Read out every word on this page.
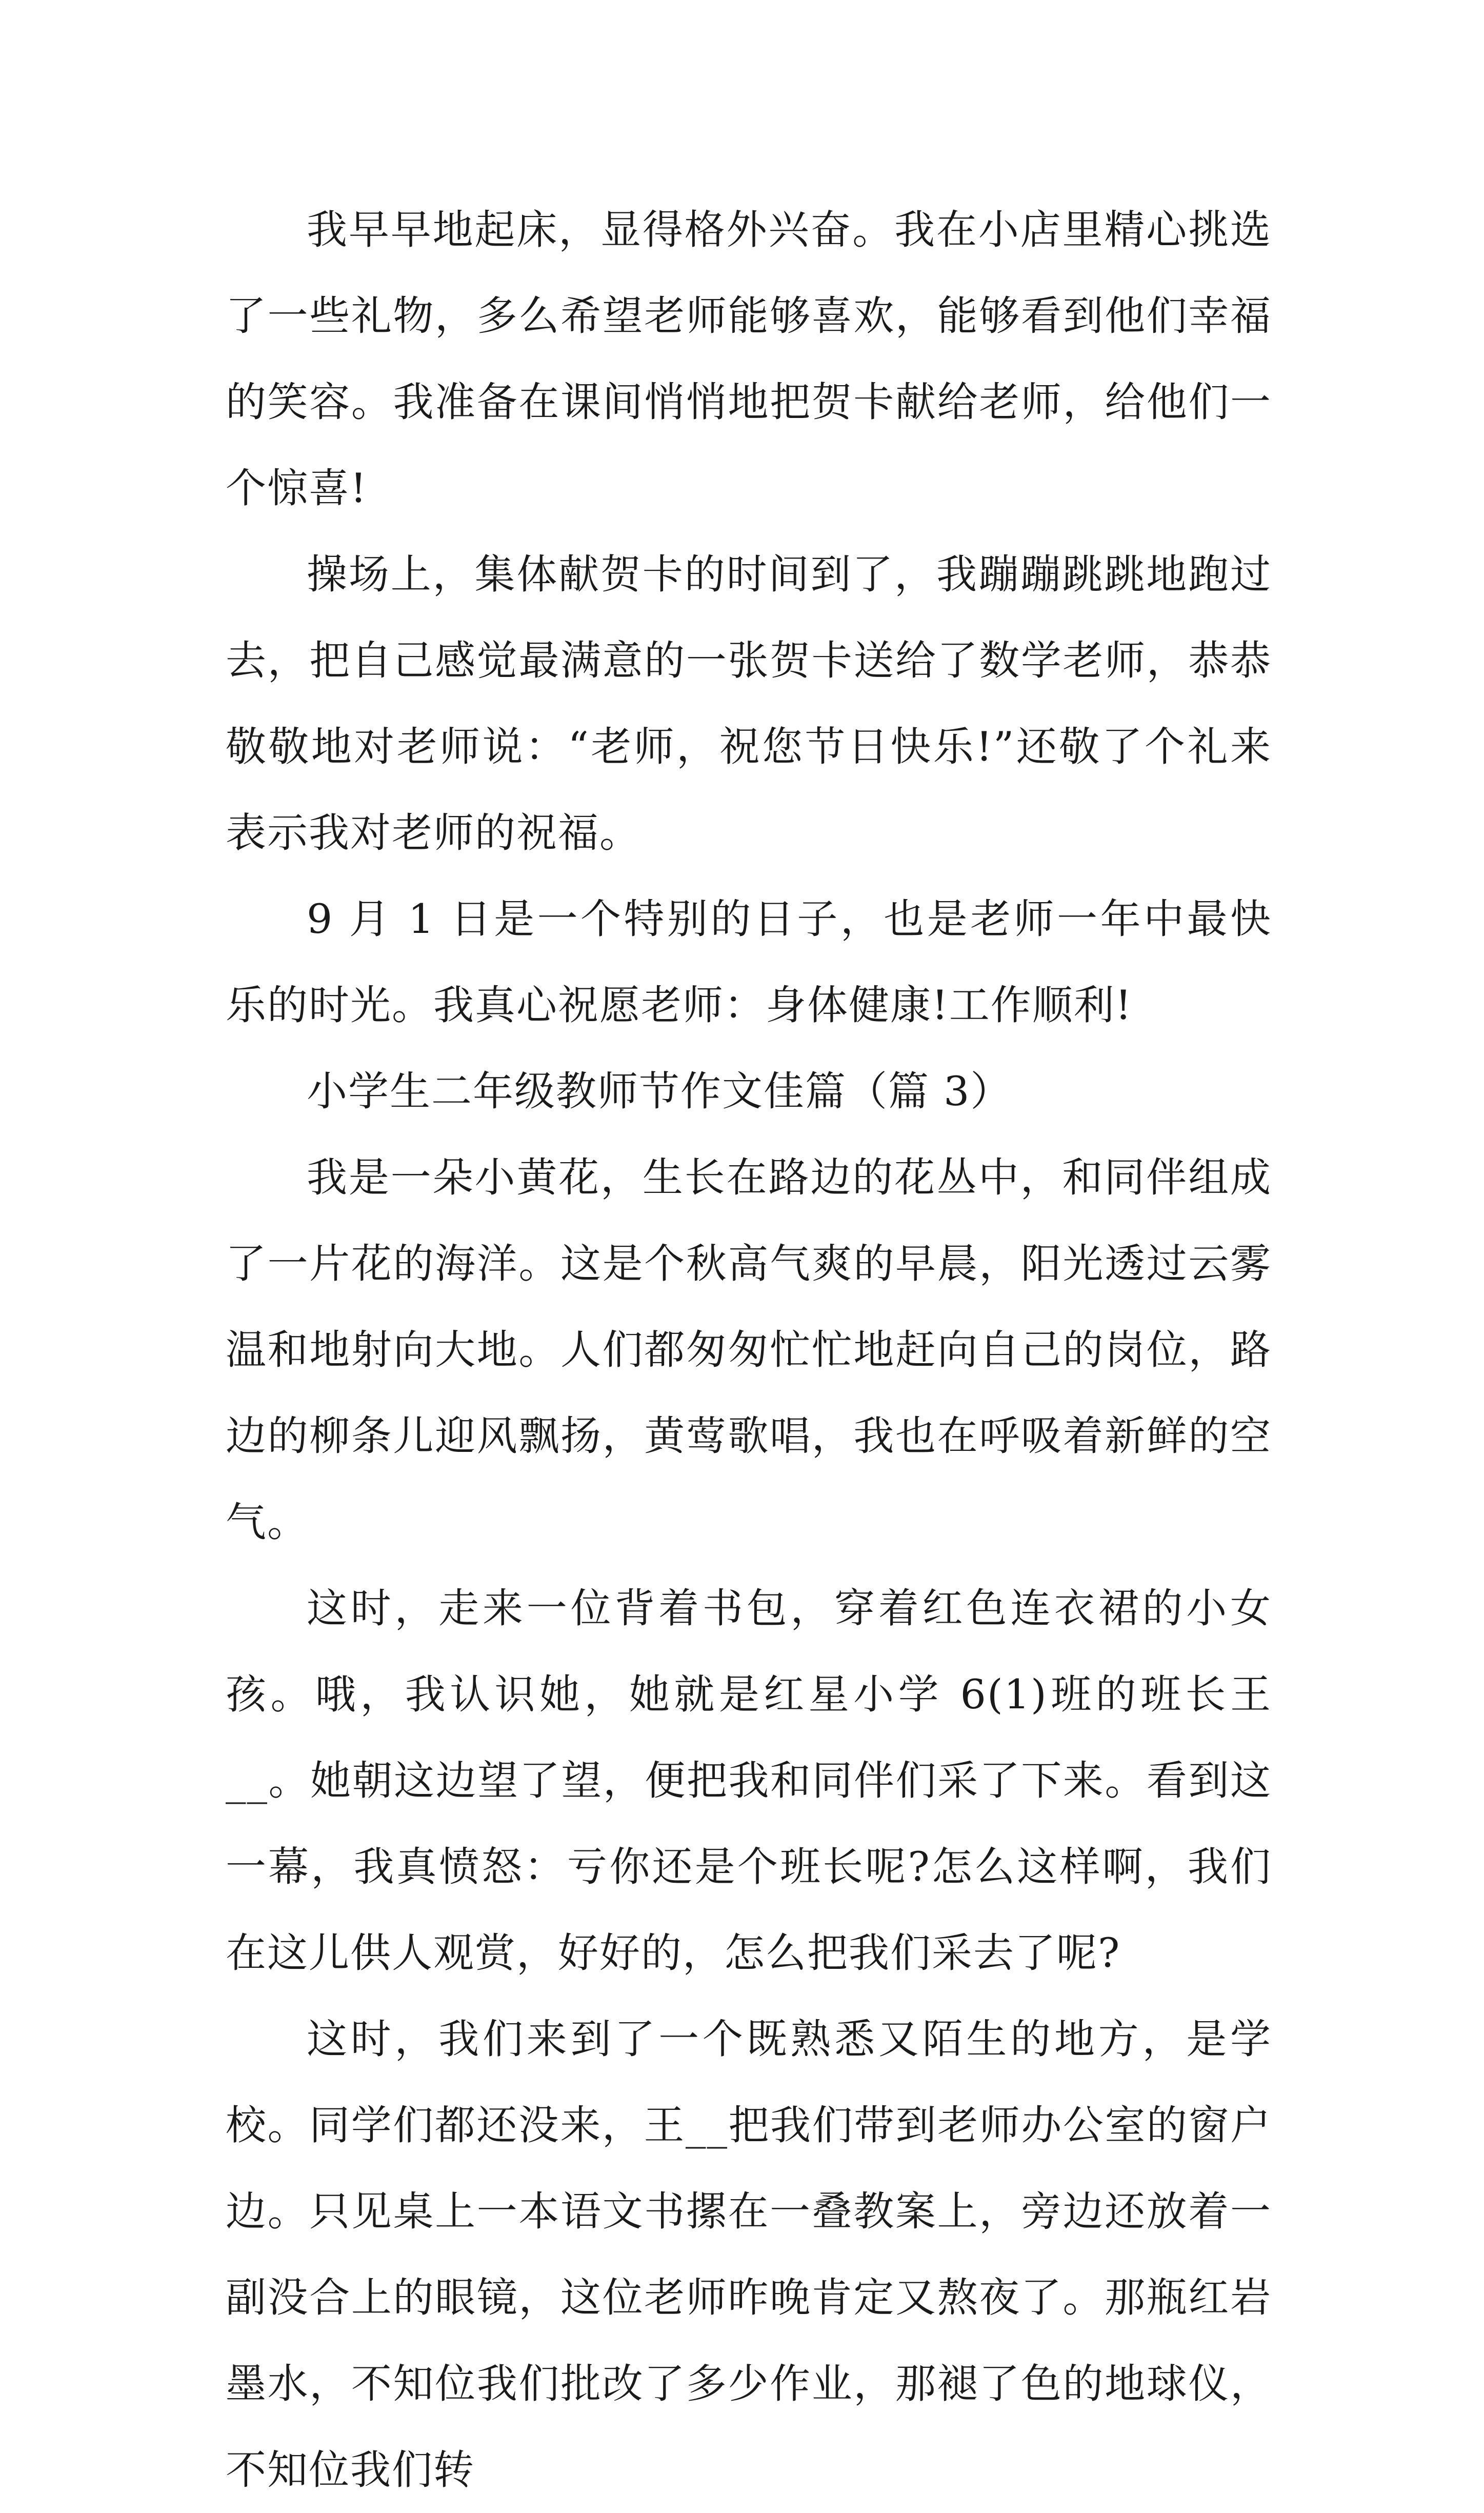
我早早地起床，显得格外兴奋。我在小店里精心挑选了一些礼物，多么希望老师能够喜欢，能够看到他们幸福的笑容。我准备在课间悄悄地把贺卡献给老师，给他们一个惊喜!

操场上，集体献贺卡的时间到了，我蹦蹦跳跳地跑过去，把自己感觉最满意的一张贺卡送给了数学老师，恭恭敬敬地对老师说：“老师，祝您节日快乐!”还敬了个礼来表示我对老师的祝福。

9 月 1 日是一个特别的日子，也是老师一年中最快乐的时光。我真心祝愿老师：身体健康!工作顺利!

小学生二年级教师节作文佳篇（篇 3）

我是一朵小黄花，生长在路边的花丛中，和同伴组成了一片花的海洋。这是个秋高气爽的早晨，阳光透过云雾温和地射向大地。人们都匆匆忙忙地赶向自己的岗位，路边的柳条儿迎风飘扬，黄莺歌唱，我也在呼吸着新鲜的空气。

这时，走来一位背着书包，穿着红色连衣裙的小女孩。哦，我认识她，她就是红星小学 6(1)班的班长王__。她朝这边望了望，便把我和同伴们采了下来。看到这一幕，我真愤怒：亏你还是个班长呢?怎么这样啊，我们在这儿供人观赏，好好的，怎么把我们采去了呢?

这时，我们来到了一个既熟悉又陌生的地方，是学校。同学们都还没来，王__把我们带到老师办公室的窗户边。只见桌上一本语文书摞在一叠教案上，旁边还放着一副没合上的眼镜，这位老师昨晚肯定又熬夜了。那瓶红岩墨水，不知位我们批改了多少作业，那褪了色的地球仪，不知位我们转
